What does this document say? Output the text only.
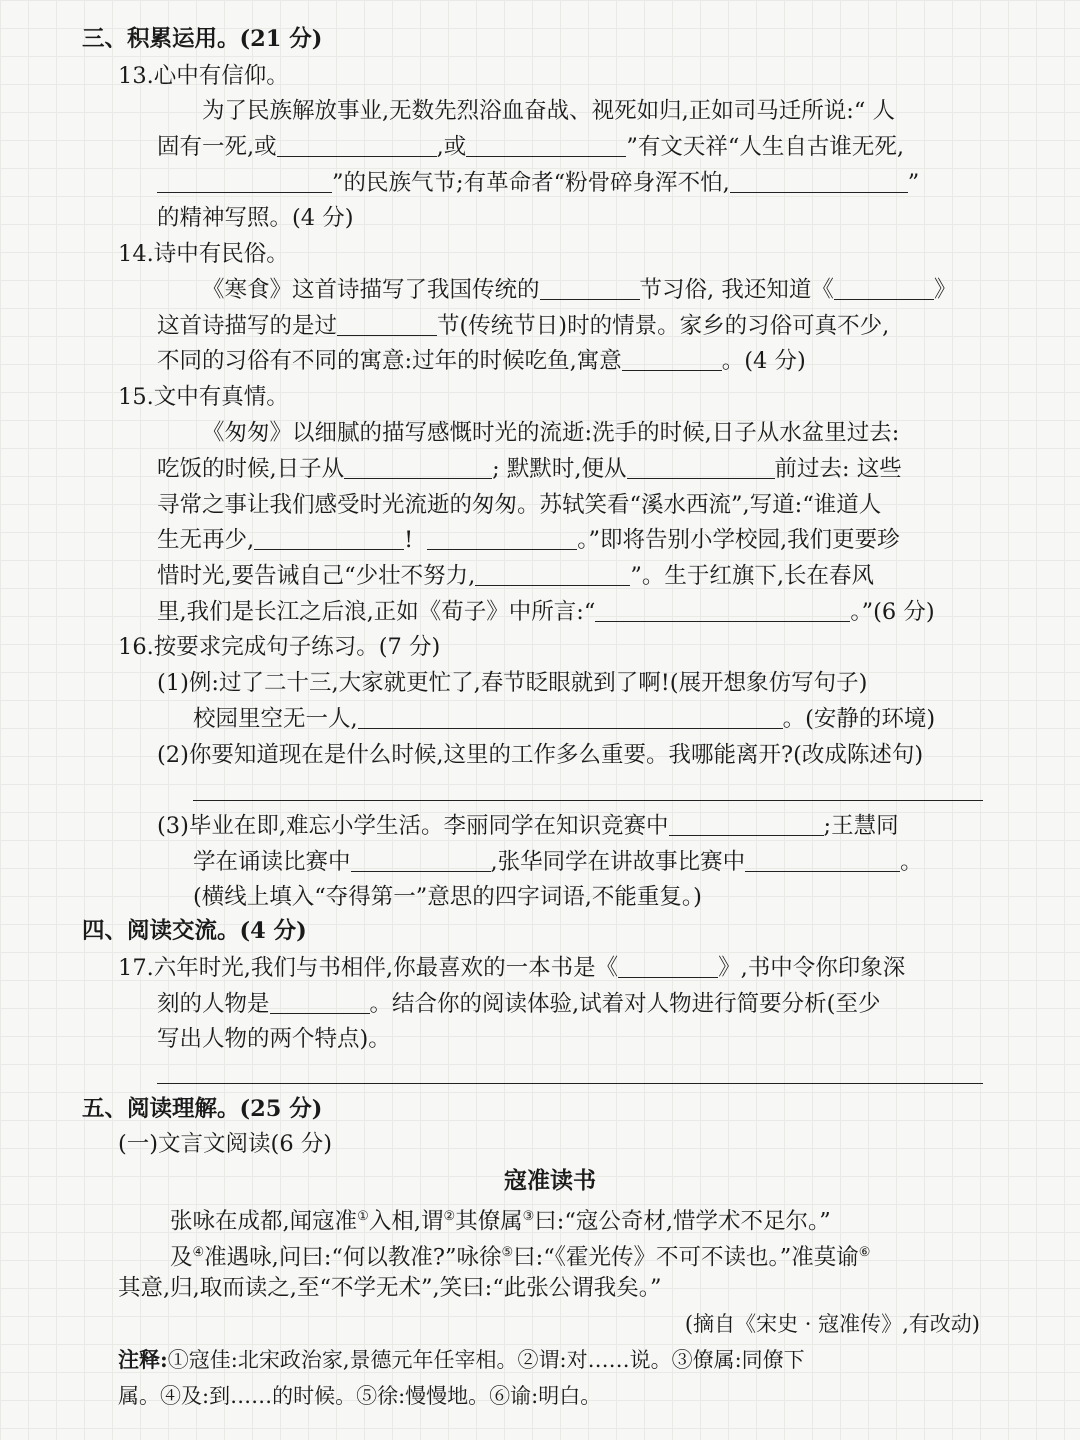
三、积累运用。(21 分)
13.心中有信仰。
为了民族解放事业,无数先烈浴血奋战、视死如归,正如司马迁所说:“ 人
固有一死,或	,或	”有文天祥“人生自古谁无死,
”的民族气节;有革命者“粉骨碎身浑不怕,	”
的精神写照。(4 分)
14.诗中有民俗。
《寒食》这首诗描写了我国传统的	节习俗, 我还知道《	》
这首诗描写的是过	节(传统节日)时的情景。家乡的习俗可真不少,
不同的习俗有不同的寓意:过年的时候吃鱼,寓意	。(4 分)
15.文中有真情。
《匆匆》以细腻的描写感慨时光的流逝:洗手的时候,日子从水盆里过去:
吃饭的时候,日子从	; 默默时,便从	前过去: 这些
寻常之事让我们感受时光流逝的匆匆。苏轼笑看“溪水西流”,写道:“谁道人
生无再少,	!	。”即将告别小学校园,我们更要珍
惜时光,要告诫自己“少壮不努力,	”。生于红旗下,长在春风
里,我们是长江之后浪,正如《荀子》中所言:“	。”(6 分)
16.按要求完成句子练习。(7 分)
(1)例:过了二十三,大家就更忙了,春节眨眼就到了啊!(展开想象仿写句子)
校园里空无一人,	。(安静的环境)
(2)你要知道现在是什么时候,这里的工作多么重要。我哪能离开?(改成陈述句)
(3)毕业在即,难忘小学生活。李丽同学在知识竞赛中	;王慧同
学在诵读比赛中	,张华同学在讲故事比赛中	。
(横线上填入“夺得第一”意思的四字词语,不能重复。)
四、阅读交流。(4 分)
17.六年时光,我们与书相伴,你最喜欢的一本书是《	》,书中令你印象深
刻的人物是	。结合你的阅读体验,试着对人物进行简要分析(至少
写出人物的两个特点)。
五、阅读理解。(25 分)
(一)文言文阅读(6 分)
寇准读书
张咏在成都,闻寇准①入相,谓②其僚属③曰:“寇公奇材,惜学术不足尔。”
及④准遇咏,问曰:“何以教准?”咏徐⑤曰:“《霍光传》不可不读也。”准莫谕⑥
其意,归,取而读之,至“不学无术”,笑曰:“此张公谓我矣。”
(摘自《宋史 · 寇准传》,有改动)
注释:①寇佳:北宋政治家,景德元年任宰相。②谓:对……说。③僚属:同僚下
属。④及:到……的时候。⑤徐:慢慢地。⑥谕:明白。
